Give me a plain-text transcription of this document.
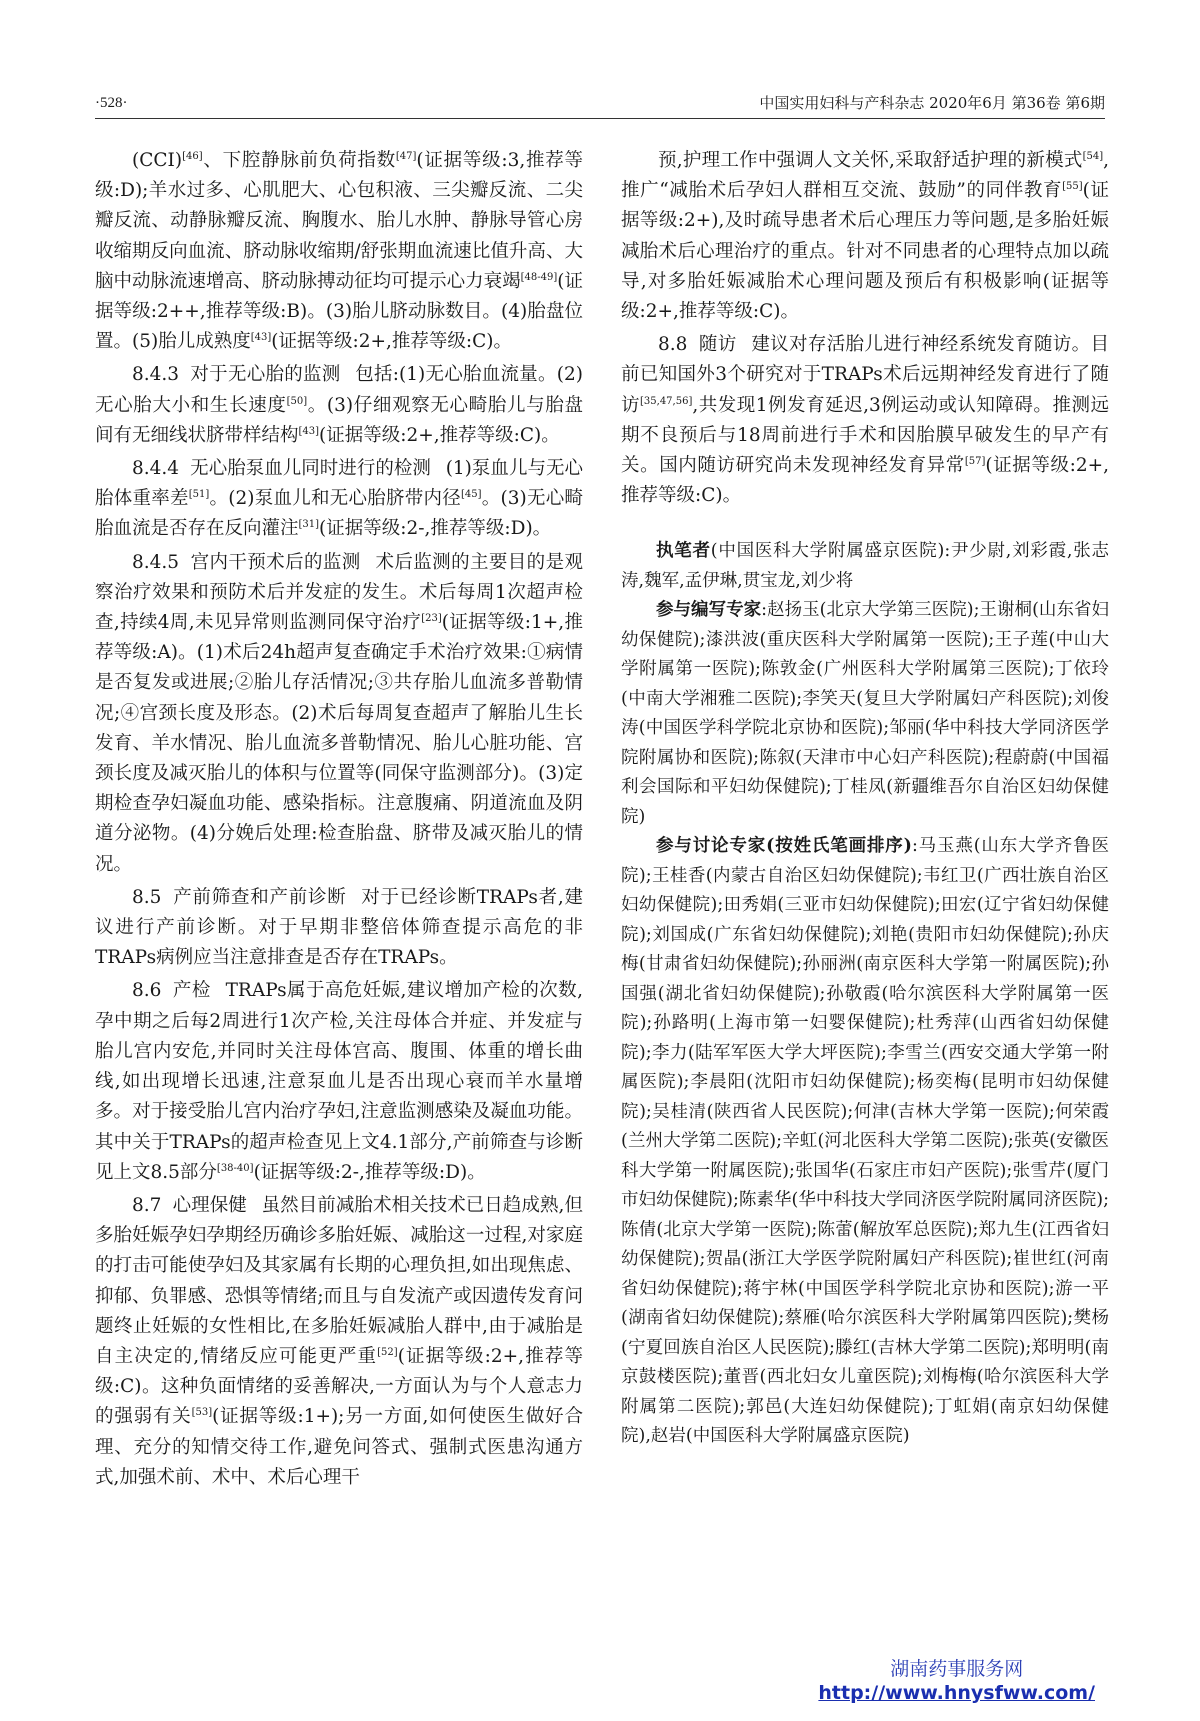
·528·	中国实用妇科与产科杂志 2020年6月 第36卷 第6期

(CCI)[46]、下腔静脉前负荷指数[47](证据等级:3,推荐等级:D);羊水过多、心肌肥大、心包积液、三尖瓣反流、二尖瓣反流、动静脉瓣反流、胸腹水、胎儿水肿、静脉导管心房收缩期反向血流、脐动脉收缩期/舒张期血流速比值升高、大脑中动脉流速增高、脐动脉搏动征均可提示心力衰竭[48-49](证据等级:2++,推荐等级:B)。(3)胎儿脐动脉数目。(4)胎盘位置。(5)胎儿成熟度[43](证据等级:2+,推荐等级:C)。

8.4.3 对于无心胎的监测 包括:(1)无心胎血流量。(2)无心胎大小和生长速度[50]。(3)仔细观察无心畸胎儿与胎盘间有无细线状脐带样结构[43](证据等级:2+,推荐等级:C)。

8.4.4 无心胎泵血儿同时进行的检测 (1)泵血儿与无心胎体重率差[51]。(2)泵血儿和无心胎脐带内径[45]。(3)无心畸胎血流是否存在反向灌注[31](证据等级:2-,推荐等级:D)。

8.4.5 宫内干预术后的监测 术后监测的主要目的是观察治疗效果和预防术后并发症的发生。术后每周1次超声检查,持续4周,未见异常则监测同保守治疗[23](证据等级:1+,推荐等级:A)。(1)术后24h超声复查确定手术治疗效果:①病情是否复发或进展;②胎儿存活情况;③共存胎儿血流多普勒情况;④宫颈长度及形态。(2)术后每周复查超声了解胎儿生长发育、羊水情况、胎儿血流多普勒情况、胎儿心脏功能、宫颈长度及减灭胎儿的体积与位置等(同保守监测部分)。(3)定期检查孕妇凝血功能、感染指标。注意腹痛、阴道流血及阴道分泌物。(4)分娩后处理:检查胎盘、脐带及减灭胎儿的情况。

8.5 产前筛查和产前诊断 对于已经诊断TRAPs者,建议进行产前诊断。对于早期非整倍体筛查提示高危的非TRAPs病例应当注意排查是否存在TRAPs。

8.6 产检 TRAPs属于高危妊娠,建议增加产检的次数,孕中期之后每2周进行1次产检,关注母体合并症、并发症与胎儿宫内安危,并同时关注母体宫高、腹围、体重的增长曲线,如出现增长迅速,注意泵血儿是否出现心衰而羊水量增多。对于接受胎儿宫内治疗孕妇,注意监测感染及凝血功能。其中关于TRAPs的超声检查见上文4.1部分,产前筛查与诊断见上文8.5部分[38-40](证据等级:2-,推荐等级:D)。

8.7 心理保健 虽然目前减胎术相关技术已日趋成熟,但多胎妊娠孕妇孕期经历确诊多胎妊娠、减胎这一过程,对家庭的打击可能使孕妇及其家属有长期的心理负担,如出现焦虑、抑郁、负罪感、恐惧等情绪;而且与自发流产或因遗传发育问题终止妊娠的女性相比,在多胎妊娠减胎人群中,由于减胎是自主决定的,情绪反应可能更严重[52](证据等级:2+,推荐等级:C)。这种负面情绪的妥善解决,一方面认为与个人意志力的强弱有关[53](证据等级:1+);另一方面,如何使医生做好合理、充分的知情交待工作,避免问答式、强制式医患沟通方式,加强术前、术中、术后心理干

预,护理工作中强调人文关怀,采取舒适护理的新模式[54],推广“减胎术后孕妇人群相互交流、鼓励”的同伴教育[55](证据等级:2+),及时疏导患者术后心理压力等问题,是多胎妊娠减胎术后心理治疗的重点。针对不同患者的心理特点加以疏导,对多胎妊娠减胎术心理问题及预后有积极影响(证据等级:2+,推荐等级:C)。

8.8 随访 建议对存活胎儿进行神经系统发育随访。目前已知国外3个研究对于TRAPs术后远期神经发育进行了随访[35,47,56],共发现1例发育延迟,3例运动或认知障碍。推测远期不良预后与18周前进行手术和因胎膜早破发生的早产有关。国内随访研究尚未发现神经发育异常[57](证据等级:2+,推荐等级:C)。

执笔者(中国医科大学附属盛京医院):尹少尉,刘彩霞,张志涛,魏军,孟伊琳,贯宝龙,刘少将

参与编写专家:赵扬玉(北京大学第三医院);王谢桐(山东省妇幼保健院);漆洪波(重庆医科大学附属第一医院);王子莲(中山大学附属第一医院);陈敦金(广州医科大学附属第三医院);丁依玲(中南大学湘雅二医院);李笑天(复旦大学附属妇产科医院);刘俊涛(中国医学科学院北京协和医院);邹丽(华中科技大学同济医学院附属协和医院);陈叙(天津市中心妇产科医院);程蔚蔚(中国福利会国际和平妇幼保健院);丁桂凤(新疆维吾尔自治区妇幼保健院)

参与讨论专家(按姓氏笔画排序):马玉燕(山东大学齐鲁医院);王桂香(内蒙古自治区妇幼保健院);韦红卫(广西壮族自治区妇幼保健院);田秀娟(三亚市妇幼保健院);田宏(辽宁省妇幼保健院);刘国成(广东省妇幼保健院);刘艳(贵阳市妇幼保健院);孙庆梅(甘肃省妇幼保健院);孙丽洲(南京医科大学第一附属医院);孙国强(湖北省妇幼保健院);孙敬霞(哈尔滨医科大学附属第一医院);孙路明(上海市第一妇婴保健院);杜秀萍(山西省妇幼保健院);李力(陆军军医大学大坪医院);李雪兰(西安交通大学第一附属医院);李晨阳(沈阳市妇幼保健院);杨奕梅(昆明市妇幼保健院);吴桂清(陕西省人民医院);何津(吉林大学第一医院);何荣霞(兰州大学第二医院);辛虹(河北医科大学第二医院);张英(安徽医科大学第一附属医院);张国华(石家庄市妇产医院);张雪芹(厦门市妇幼保健院);陈素华(华中科技大学同济医学院附属同济医院);陈倩(北京大学第一医院);陈蕾(解放军总医院);郑九生(江西省妇幼保健院);贺晶(浙江大学医学院附属妇产科医院);崔世红(河南省妇幼保健院);蒋宇林(中国医学科学院北京协和医院);游一平(湖南省妇幼保健院);蔡雁(哈尔滨医科大学附属第四医院);樊杨(宁夏回族自治区人民医院);滕红(吉林大学第二医院);郑明明(南京鼓楼医院);董晋(西北妇女儿童医院);刘梅梅(哈尔滨医科大学附属第二医院);郭邑(大连妇幼保健院);丁虹娟(南京妇幼保健院),赵岩(中国医科大学附属盛京医院)

湖南药事服务网
http://www.hnysfww.com/
